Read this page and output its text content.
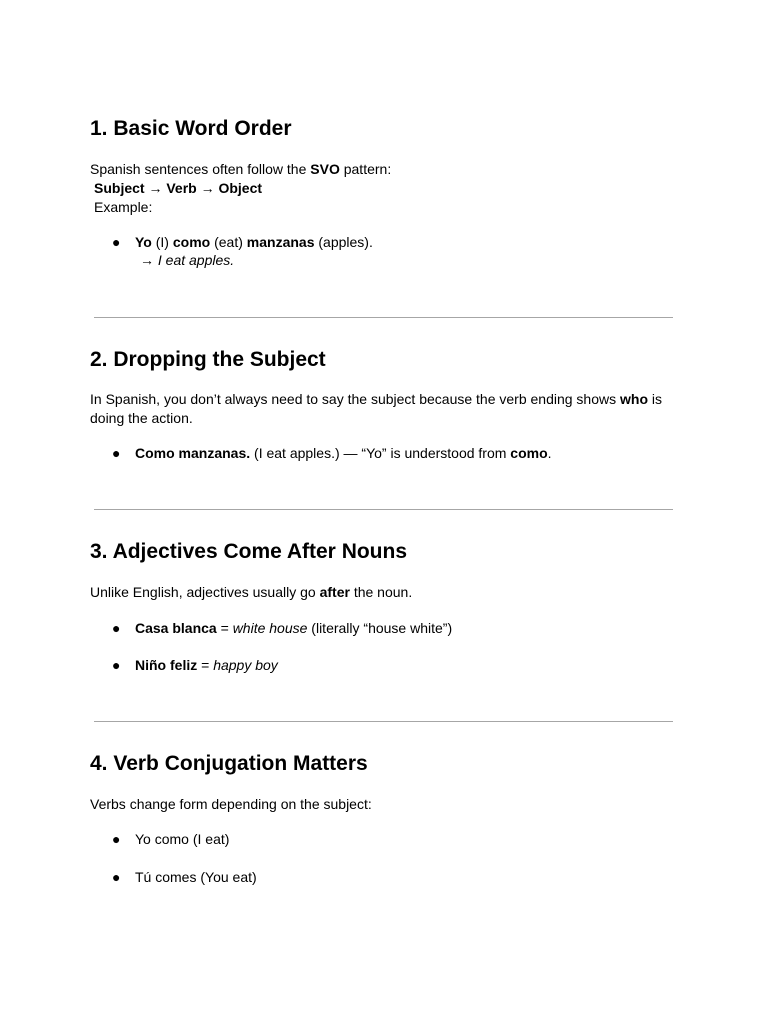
1. Basic Word Order
Spanish sentences often follow the SVO pattern:
Subject → Verb → Object
Example:
● Yo (I) como (eat) manzanas (apples).
→ I eat apples.
2. Dropping the Subject
In Spanish, you don’t always need to say the subject because the verb ending shows who is doing the action.
● Como manzanas. (I eat apples.) — “Yo” is understood from como.
3. Adjectives Come After Nouns
Unlike English, adjectives usually go after the noun.
● Casa blanca = white house (literally “house white”)
● Niño feliz = happy boy
4. Verb Conjugation Matters
Verbs change form depending on the subject:
● Yo como (I eat)
● Tú comes (You eat)
